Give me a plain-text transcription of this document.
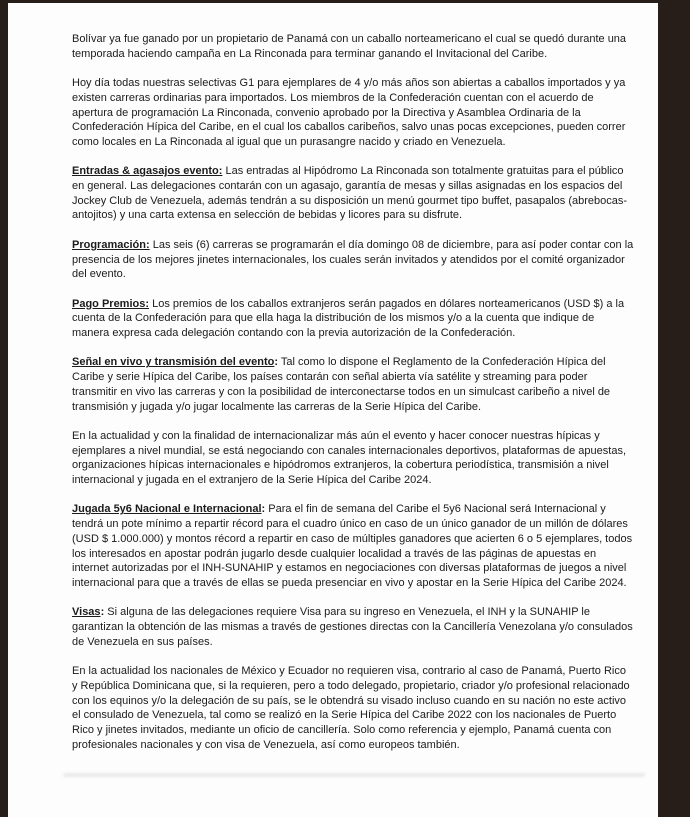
Bolívar ya fue ganado por un propietario de Panamá con un caballo norteamericano el cual se quedó durante una temporada haciendo campaña en La Rinconada para terminar ganando el Invitacional del Caribe.

Hoy día todas nuestras selectivas G1 para ejemplares de 4 y/o más años son abiertas a caballos importados y ya existen carreras ordinarias para importados. Los miembros de la Confederación cuentan con el acuerdo de apertura de programación La Rinconada, convenio aprobado por la Directiva y Asamblea Ordinaria de la Confederación Hípica del Caribe, en el cual los caballos caribeños, salvo unas pocas excepciones, pueden correr como locales en La Rinconada al igual que un purasangre nacido y criado en Venezuela.

Entradas & agasajos evento: Las entradas al Hipódromo La Rinconada son totalmente gratuitas para el público en general. Las delegaciones contarán con un agasajo, garantía de mesas y sillas asignadas en los espacios del Jockey Club de Venezuela, además tendrán a su disposición un menú gourmet tipo buffet, pasapalos (abrebocas-antojitos) y una carta extensa en selección de bebidas y licores para su disfrute.

Programación: Las seis (6) carreras se programarán el día domingo 08 de diciembre, para así poder contar con la presencia de los mejores jinetes internacionales, los cuales serán invitados y atendidos por el comité organizador del evento.

Pago Premios: Los premios de los caballos extranjeros serán pagados en dólares norteamericanos (USD $) a la cuenta de la Confederación para que ella haga la distribución de los mismos y/o a la cuenta que indique de manera expresa cada delegación contando con la previa autorización de la Confederación.

Señal en vivo y transmisión del evento: Tal como lo dispone el Reglamento de la Confederación Hípica del Caribe y serie Hípica del Caribe, los países contarán con señal abierta vía satélite y streaming para poder transmitir en vivo las carreras y con la posibilidad de interconectarse todos en un simulcast caribeño a nivel de transmisión y jugada y/o jugar localmente las carreras de la Serie Hípica del Caribe.

En la actualidad y con la finalidad de internacionalizar más aún el evento y hacer conocer nuestras hípicas y ejemplares a nivel mundial, se está negociando con canales internacionales deportivos, plataformas de apuestas, organizaciones hípicas internacionales e hipódromos extranjeros, la cobertura periodística, transmisión a nivel internacional y jugada en el extranjero de la Serie Hípica del Caribe 2024.

Jugada 5y6 Nacional e Internacional: Para el fin de semana del Caribe el 5y6 Nacional será Internacional y tendrá un pote mínimo a repartir récord para el cuadro único en caso de un único ganador de un millón de dólares (USD $ 1.000.000) y montos récord a repartir en caso de múltiples ganadores que acierten 6 o 5 ejemplares, todos los interesados en apostar podrán jugarlo desde cualquier localidad a través de las páginas de apuestas en internet autorizadas por el INH-SUNAHIP y estamos en negociaciones con diversas plataformas de juegos a nivel internacional para que a través de ellas se pueda presenciar en vivo y apostar en la Serie Hípica del Caribe 2024.

Visas: Si alguna de las delegaciones requiere Visa para su ingreso en Venezuela, el INH y la SUNAHIP le garantizan la obtención de las mismas a través de gestiones directas con la Cancillería Venezolana y/o consulados de Venezuela en sus países.

En la actualidad los nacionales de México y Ecuador no requieren visa, contrario al caso de Panamá, Puerto Rico y República Dominicana que, si la requieren, pero a todo delegado, propietario, criador y/o profesional relacionado con los equinos y/o la delegación de su país, se le obtendrá su visado incluso cuando en su nación no este activo el consulado de Venezuela, tal como se realizó en la Serie Hípica del Caribe 2022 con los nacionales de Puerto Rico y jinetes invitados, mediante un oficio de cancillería. Solo como referencia y ejemplo, Panamá cuenta con profesionales nacionales y con visa de Venezuela, así como europeos también.
